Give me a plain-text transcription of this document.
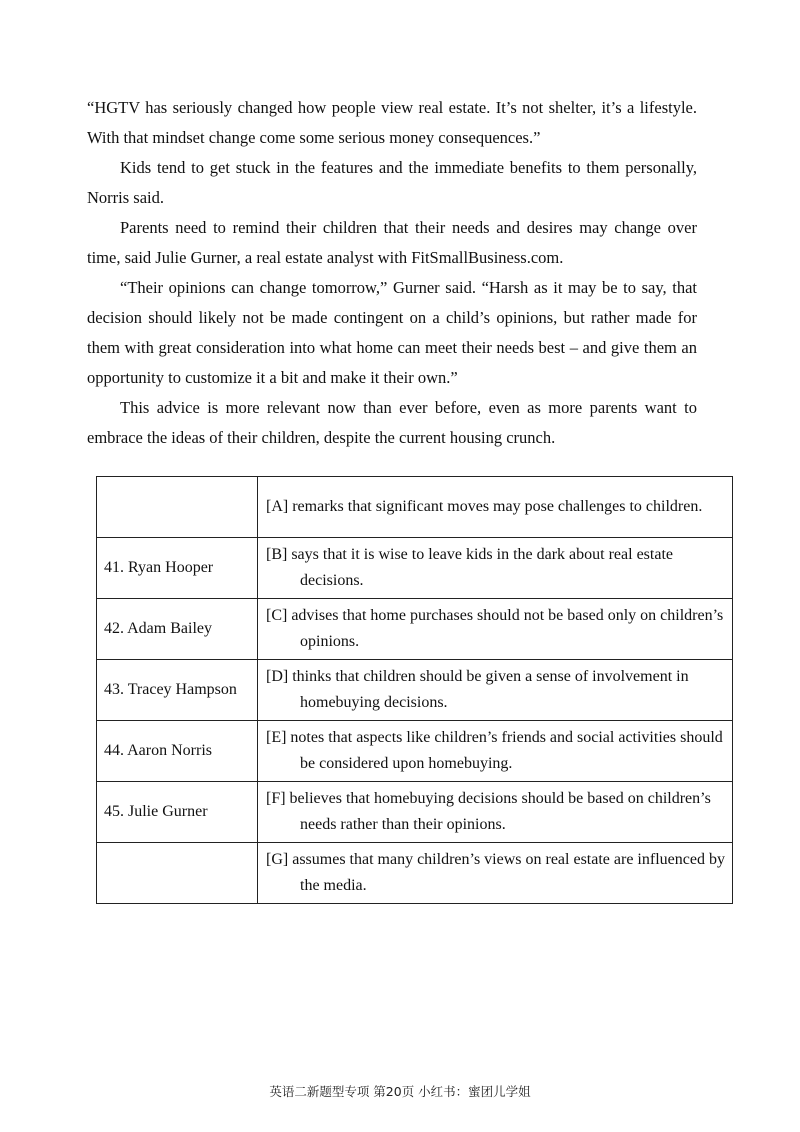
“HGTV has seriously changed how people view real estate. It’s not shelter, it’s a lifestyle. With that mindset change come some serious money consequences.”

Kids tend to get stuck in the features and the immediate benefits to them personally, Norris said.

Parents need to remind their children that their needs and desires may change over time, said Julie Gurner, a real estate analyst with FitSmallBusiness.com.

“Their opinions can change tomorrow,” Gurner said. “Harsh as it may be to say, that decision should likely not be made contingent on a child’s opinions, but rather made for them with great consideration into what home can meet their needs best – and give them an opportunity to customize it a bit and make it their own.”

This advice is more relevant now than ever before, even as more parents want to embrace the ideas of their children, despite the current housing crunch.

	[A] remarks that significant moves may pose challenges to children.

41. Ryan Hooper	[B] says that it is wise to leave kids in the dark about real estate decisions.

42. Adam Bailey	[C] advises that home purchases should not be based only on children’s opinions.

43. Tracey Hampson	[D] thinks that children should be given a sense of involvement in homebuying decisions.

44. Aaron Norris	[E] notes that aspects like children’s friends and social activities should be considered upon homebuying.

45. Julie Gurner	[F] believes that homebuying decisions should be based on children’s needs rather than their opinions.

	[G] assumes that many children’s views on real estate are influenced by the media.
英语二新题型专项 第20页 小红书：蜜团儿学姐
